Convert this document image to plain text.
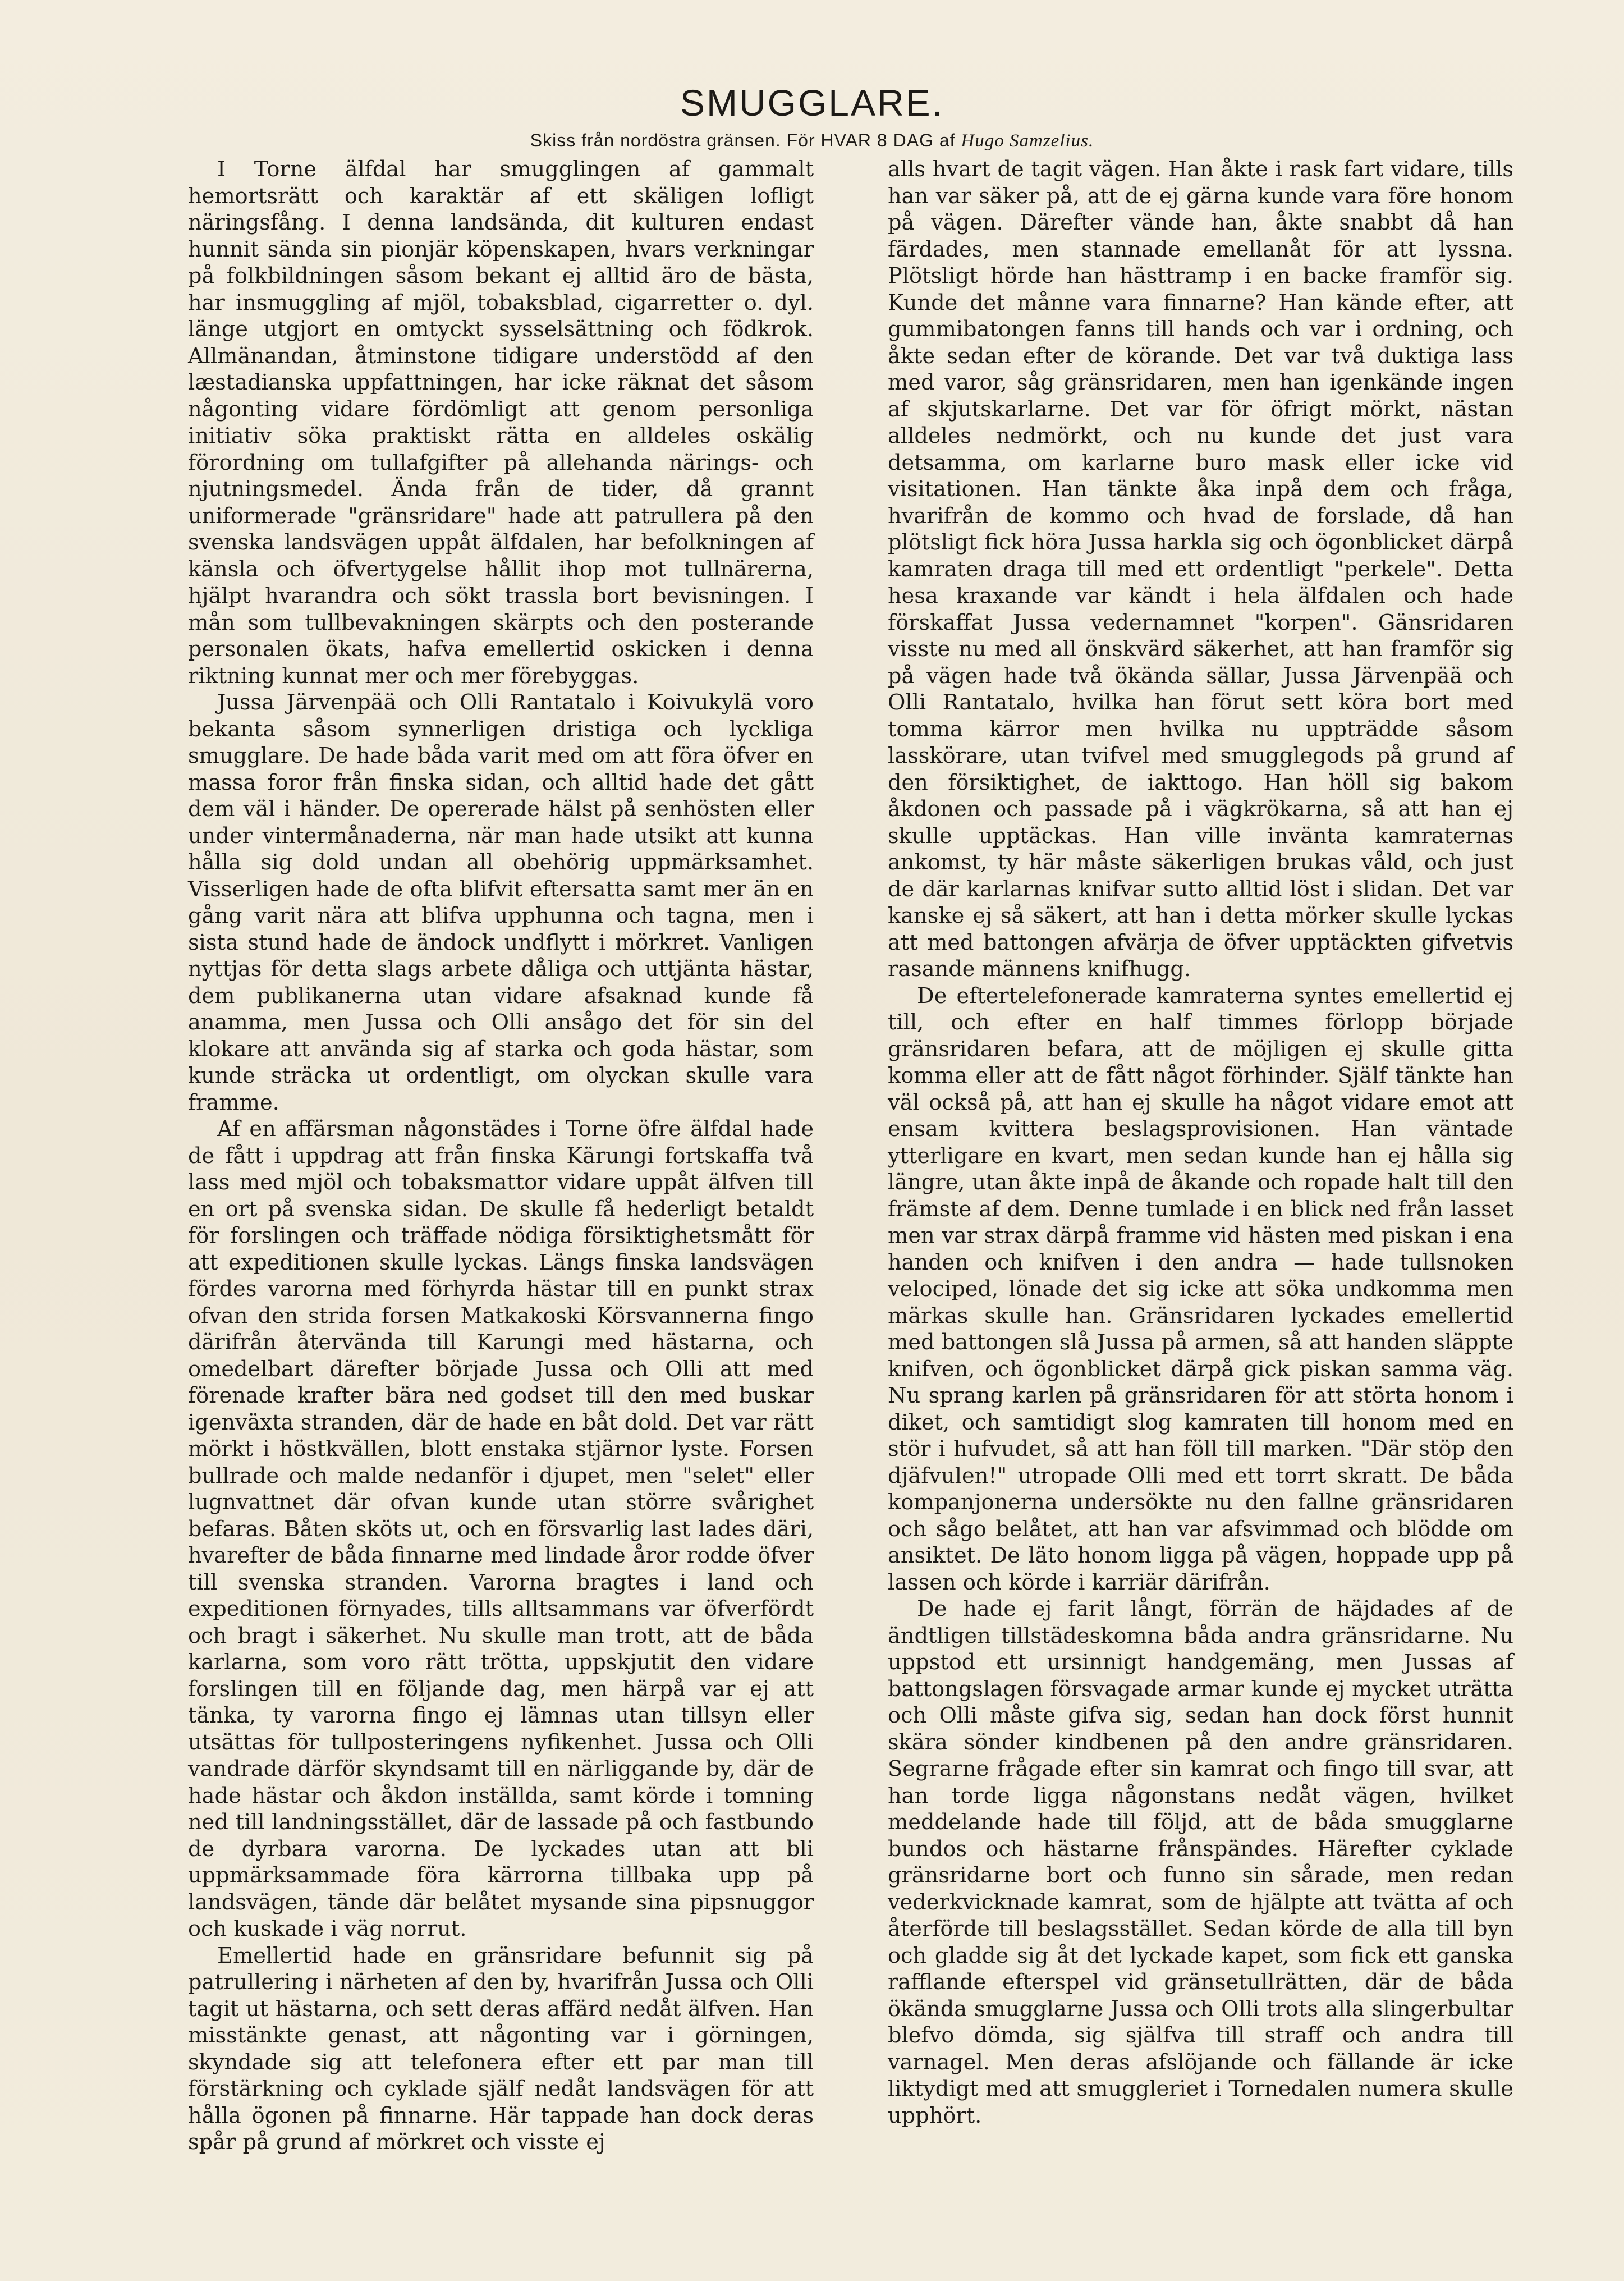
SMUGGLARE.

Skiss från nordöstra gränsen. För HVAR 8 DAG af Hugo Samzelius.

I Torne älfdal har smugglingen af gammalt hemortsrätt och karaktär af ett skäligen lofligt näringsfång. I denna landsända, dit kulturen endast hunnit sända sin pionjär köpenskapen, hvars verkningar på folkbildningen såsom bekant ej alltid äro de bästa, har insmuggling af mjöl, tobaksblad, cigarretter o. dyl. länge utgjort en omtyckt sysselsättning och födkrok. Allmänandan, åtminstone tidigare understödd af den læstadianska uppfattningen, har icke räknat det såsom någonting vidare fördömligt att genom personliga initiativ söka praktiskt rätta en alldeles oskälig förordning om tullafgifter på allehanda närings- och njutningsmedel. Ända från de tider, då grannt uniformerade "gränsridare" hade att patrullera på den svenska landsvägen uppåt älfdalen, har befolkningen af känsla och öfvertygelse hållit ihop mot tullnärerna, hjälpt hvarandra och sökt trassla bort bevisningen. I mån som tullbevakningen skärpts och den posterande personalen ökats, hafva emellertid oskicken i denna riktning kunnat mer och mer förebyggas.

Jussa Järvenpää och Olli Rantatalo i Koivukylä voro bekanta såsom synnerligen dristiga och lyckliga smugglare. De hade båda varit med om att föra öfver en massa foror från finska sidan, och alltid hade det gått dem väl i händer. De opererade hälst på senhösten eller under vintermånaderna, när man hade utsikt att kunna hålla sig dold undan all obehörig uppmärksamhet. Visserligen hade de ofta blifvit eftersatta samt mer än en gång varit nära att blifva upphunna och tagna, men i sista stund hade de ändock undflytt i mörkret. Vanligen nyttjas för detta slags arbete dåliga och uttjänta hästar, dem publikanerna utan vidare afsaknad kunde få anamma, men Jussa och Olli ansågo det för sin del klokare att använda sig af starka och goda hästar, som kunde sträcka ut ordentligt, om olyckan skulle vara framme.

Af en affärsman någonstädes i Torne öfre älfdal hade de fått i uppdrag att från finska Kärungi fortskaffa två lass med mjöl och tobaksmattor vidare uppåt älfven till en ort på svenska sidan. De skulle få hederligt betaldt för forslingen och träffade nödiga försiktighetsmått för att expeditionen skulle lyckas. Längs finska landsvägen fördes varorna med förhyrda hästar till en punkt strax ofvan den strida forsen Matkakoski Körsvannerna fingo därifrån återvända till Karungi med hästarna, och omedelbart därefter började Jussa och Olli att med förenade krafter bära ned godset till den med buskar igenväxta stranden, där de hade en båt dold. Det var rätt mörkt i höstkvällen, blott enstaka stjärnor lyste. Forsen bullrade och malde nedanför i djupet, men "selet" eller lugnvattnet där ofvan kunde utan större svårighet befaras. Båten sköts ut, och en försvarlig last lades däri, hvarefter de båda finnarne med lindade åror rodde öfver till svenska stranden. Varorna bragtes i land och expeditionen förnyades, tills alltsammans var öfverfördt och bragt i säkerhet. Nu skulle man trott, att de båda karlarna, som voro rätt trötta, uppskjutit den vidare forslingen till en följande dag, men härpå var ej att tänka, ty varorna fingo ej lämnas utan tillsyn eller utsättas för tullposteringens nyfikenhet. Jussa och Olli vandrade därför skyndsamt till en närliggande by, där de hade hästar och åkdon inställda, samt körde i tomning ned till landningsstället, där de lassade på och fastbundo de dyrbara varorna. De lyckades utan att bli uppmärksammade föra kärrorna tillbaka upp på landsvägen, tände där belåtet mysande sina pipsnuggor och kuskade i väg norrut.

Emellertid hade en gränsridare befunnit sig på patrullering i närheten af den by, hvarifrån Jussa och Olli tagit ut hästarna, och sett deras affärd nedåt älfven. Han misstänkte genast, att någonting var i görningen, skyndade sig att telefonera efter ett par man till förstärkning och cyklade själf nedåt landsvägen för att hålla ögonen på finnarne. Här tappade han dock deras spår på grund af mörkret och visste ej

alls hvart de tagit vägen. Han åkte i rask fart vidare, tills han var säker på, att de ej gärna kunde vara före honom på vägen. Därefter vände han, åkte snabbt då han färdades, men stannade emellanåt för att lyssna. Plötsligt hörde han hästtramp i en backe framför sig. Kunde det månne vara finnarne? Han kände efter, att gummibatongen fanns till hands och var i ordning, och åkte sedan efter de körande. Det var två duktiga lass med varor, såg gränsridaren, men han igenkände ingen af skjutskarlarne. Det var för öfrigt mörkt, nästan alldeles nedmörkt, och nu kunde det just vara detsamma, om karlarne buro mask eller icke vid visitationen. Han tänkte åka inpå dem och fråga, hvarifrån de kommo och hvad de forslade, då han plötsligt fick höra Jussa harkla sig och ögonblicket därpå kamraten draga till med ett ordentligt "perkele". Detta hesa kraxande var kändt i hela älfdalen och hade förskaffat Jussa vedernamnet "korpen". Gänsridaren visste nu med all önskvärd säkerhet, att han framför sig på vägen hade två ökända sällar, Jussa Järvenpää och Olli Rantatalo, hvilka han förut sett köra bort med tomma kärror men hvilka nu uppträdde såsom lasskörare, utan tvifvel med smugglegods på grund af den försiktighet, de iakttogo. Han höll sig bakom åkdonen och passade på i vägkrökarna, så att han ej skulle upptäckas. Han ville invänta kamraternas ankomst, ty här måste säkerligen brukas våld, och just de där karlarnas knifvar sutto alltid löst i slidan. Det var kanske ej så säkert, att han i detta mörker skulle lyckas att med battongen afvärja de öfver upptäckten gifvetvis rasande männens knifhugg.

De eftertelefonerade kamraterna syntes emellertid ej till, och efter en half timmes förlopp började gränsridaren befara, att de möjligen ej skulle gitta komma eller att de fått något förhinder. Själf tänkte han väl också på, att han ej skulle ha något vidare emot att ensam kvittera beslagsprovisionen. Han väntade ytterligare en kvart, men sedan kunde han ej hålla sig längre, utan åkte inpå de åkande och ropade halt till den främste af dem. Denne tumlade i en blick ned från lasset men var strax därpå framme vid hästen med piskan i ena handen och knifven i den andra — hade tullsnoken velociped, lönade det sig icke att söka undkomma men märkas skulle han. Gränsridaren lyckades emellertid med battongen slå Jussa på armen, så att handen släppte knifven, och ögonblicket därpå gick piskan samma väg. Nu sprang karlen på gränsridaren för att störta honom i diket, och samtidigt slog kamraten till honom med en stör i hufvudet, så att han föll till marken. "Där stöp den djäfvulen!" utropade Olli med ett torrt skratt. De båda kompanjonerna undersökte nu den fallne gränsridaren och sågo belåtet, att han var afsvimmad och blödde om ansiktet. De läto honom ligga på vägen, hoppade upp på lassen och körde i karriär därifrån.

De hade ej farit långt, förrän de häjdades af de ändtligen tillstädeskomna båda andra gränsridarne. Nu uppstod ett ursinnigt handgemäng, men Jussas af battongslagen försvagade armar kunde ej mycket uträtta och Olli måste gifva sig, sedan han dock först hunnit skära sönder kindbenen på den andre gränsridaren. Segrarne frågade efter sin kamrat och fingo till svar, att han torde ligga någonstans nedåt vägen, hvilket meddelande hade till följd, att de båda smugglarne bundos och hästarne frånspändes. Härefter cyklade gränsridarne bort och funno sin sårade, men redan vederkvicknade kamrat, som de hjälpte att tvätta af och återförde till beslagsstället. Sedan körde de alla till byn och gladde sig åt det lyckade kapet, som fick ett ganska rafflande efterspel vid gränsetullrätten, där de båda ökända smugglarne Jussa och Olli trots alla slingerbultar blefvo dömda, sig själfva till straff och andra till varnagel. Men deras afslöjande och fällande är icke liktydigt med att smuggleriet i Tornedalen numera skulle upphört.
